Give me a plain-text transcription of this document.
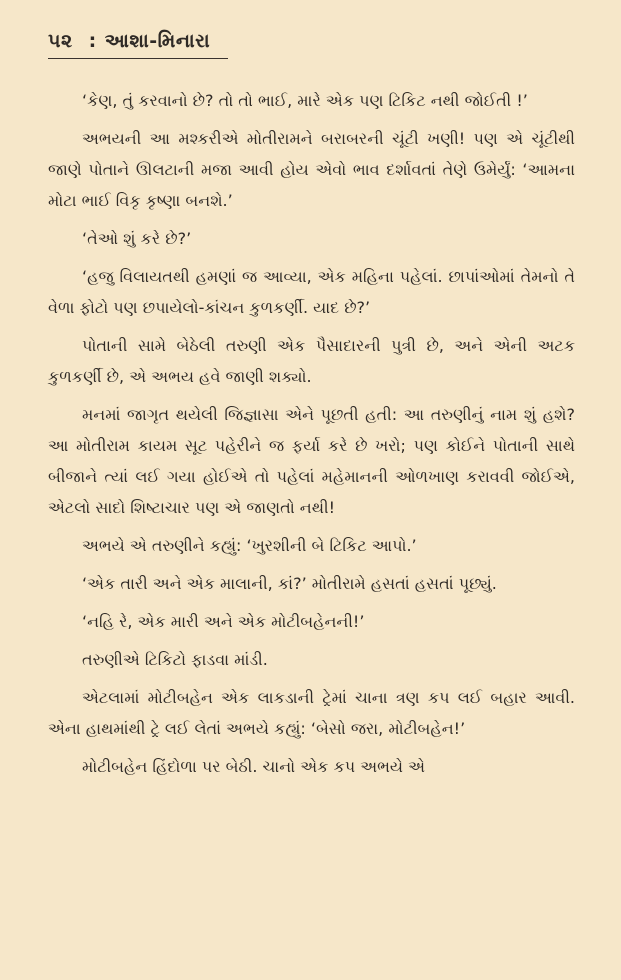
૫૨ : આશા-મિનારા

‘કેણ, તું કરવાનો છે? તો તો ભાઈ, મારે એક પણ ટિકિટ નથી જોઈતી !’

અભયની આ મશ્કરીએ મોતીરામને બરાબરની ચૂંટી ખણી! પણ એ ચૂંટીથી જાણે પોતાને ઊલટાની મજા આવી હોય એવો ભાવ દર્શાવતાં તેણે ઉમેર્યું: ‘આમના મોટા ભાઈ વિકૃ કૃષ્ણા બનશે.’

‘તેઓ શું કરે છે?’

‘હજુ વિલાયતથી હમણાં જ આવ્યા, એક મહિના પહેલાં. છાપાંઓમાં તેમનો તે વેળા ફોટો પણ છપાયેલો-કાંચન કુળકર્ણી. યાદ છે?’

પોતાની સામે બેઠેલી તરુણી એક પૈસાદારની પુત્રી છે, અને એની અટક કુળકર્ણી છે, એ અભય હવે જાણી શક્યો.

મનમાં જાગૃત થયેલી જિજ્ઞાસા એને પૂછતી હતી: આ તરુણીનું નામ શું હશે? આ મોતીરામ કાયમ સૂટ પહેરીને જ ફર્યા કરે છે ખરો; પણ કોઈને પોતાની સાથે બીજાને ત્યાં લઈ ગયા હોઈએ તો પહેલાં મહેમાનની ઓળખાણ કરાવવી જોઈએ, એટલો સાદો શિષ્ટાચાર પણ એ જાણતો નથી!

અભયે એ તરુણીને કહ્યું: ‘ખુરશીની બે ટિકિટ આપો.’

‘એક તારી અને એક માલાની, કાં?’ મોતીરામે હસતાં હસતાં પૂછ્યું.

‘નહિ રે, એક મારી અને એક મોટીબહેનની!’

તરુણીએ ટિકિટો ફાડવા માંડી.

એટલામાં મોટીબહેન એક લાકડાની ટ્રેમાં ચાના ત્રણ કપ લઈ બહાર આવી. એના હાથમાંથી ટ્રે લઈ લેતાં અભયે કહ્યું: ‘બેસો જરા, મોટીબહેન!’

મોટીબહેન હિંદોળા પર બેઠી. ચાનો એક કપ અભયે એ
